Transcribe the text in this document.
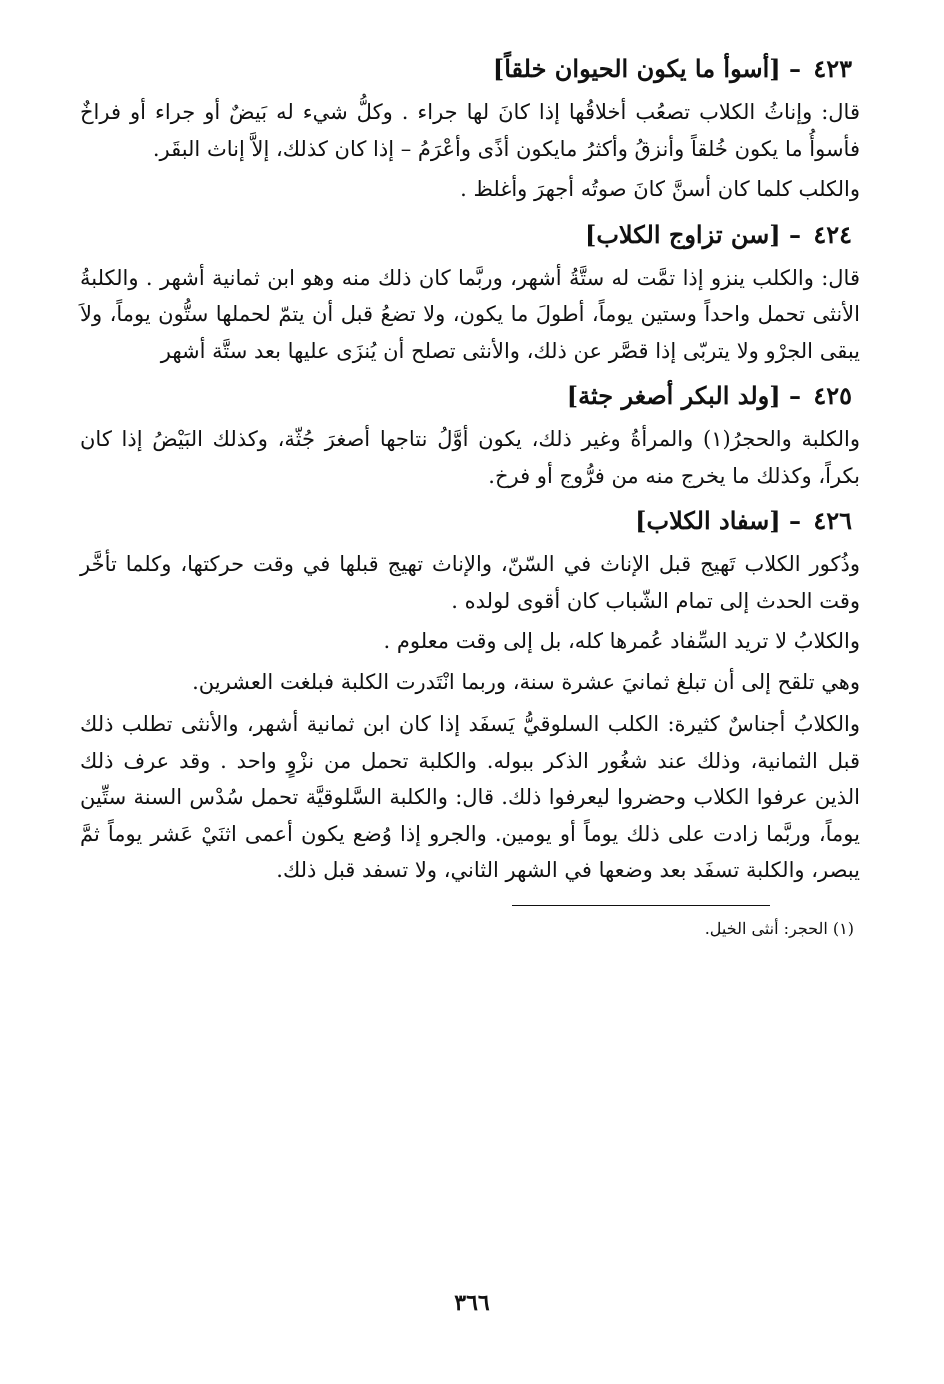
٤٢٣ – [أسوأ ما يكون الحيوان خلقاً]

قال: وإناثُ الكلاب تصعُب أخلاقُها إذا كانَ لها جراء . وكلُّ شيء له بَيضٌ أو جراء أو فراخٌ فأسوأُ ما يكون خُلقاً وأنزقُ وأكثرُ مايكون أذًى وأعْرَمُ – إذا كان كذلك، إلاَّ إناث البقَر.

والكلب كلما كان أسنَّ كانَ صوتُه أجهرَ وأغلظ .

٤٢٤ – [سن تزاوج الكلاب]

قال: والكلب ينزو إذا تمَّت له ستَّةُ أشهر، وربَّما كان ذلك منه وهو ابن ثمانية أشهر . والكلبةُ الأنثى تحمل واحداً وستين يوماً، أطولَ ما يكون، ولا تضعُ قبل أن يتمّ لحملها ستُّون يوماً، ولاَ يبقى الجرْو ولا يتربّى إذا قصَّر عن ذلك، والأنثى تصلح أن يُنزَى عليها بعد ستَّة أشهر

٤٢٥ – [ولد البكر أصغر جثة]

والكلبة والحجرُ(١) والمرأةُ وغير ذلك، يكون أوَّلُ نتاجها أصغرَ جُثّة، وكذلك البَيْضُ إذا كان بكراً، وكذلك ما يخرج منه من فرُّوج أو فرخ.

٤٢٦ – [سفاد الكلاب]

وذُكور الكلاب تَهيج قبل الإناث في السّنّ، والإناث تهيج قبلها في وقت حركتها، وكلما تأخَّر وقت الحدث إلى تمام الشّباب كان أقوى لولده .

والكلابُ لا تريد السِّفاد عُمرها كله، بل إلى وقت معلوم .

وهي تلقح إلى أن تبلغ ثمانيَ عشرة سنة، وربما انْتَدرت الكلبة فبلغت العشرين.

والكلابُ أجناسٌ كثيرة: الكلب السلوقيُّ يَسفَد إذا كان ابن ثمانية أشهر، والأنثى تطلب ذلك قبل الثمانية، وذلك عند شغُور الذكر ببوله. والكلبة تحمل من نزْوٍ واحد . وقد عرف ذلك الذين عرفوا الكلاب وحضروا ليعرفوا ذلك. قال: والكلبة السَّلوقيَّة تحمل سُدْس السنة ستِّين يوماً، وربَّما زادت على ذلك يوماً أو يومين. والجرو إذا وُضع يكون أعمى اثنَيْ عَشر يوماً ثمَّ يبصر، والكلبة تسفَد بعد وضعها في الشهر الثاني، ولا تسفد قبل ذلك.

(١) الحجر: أنثى الخيل.
٣٦٦
